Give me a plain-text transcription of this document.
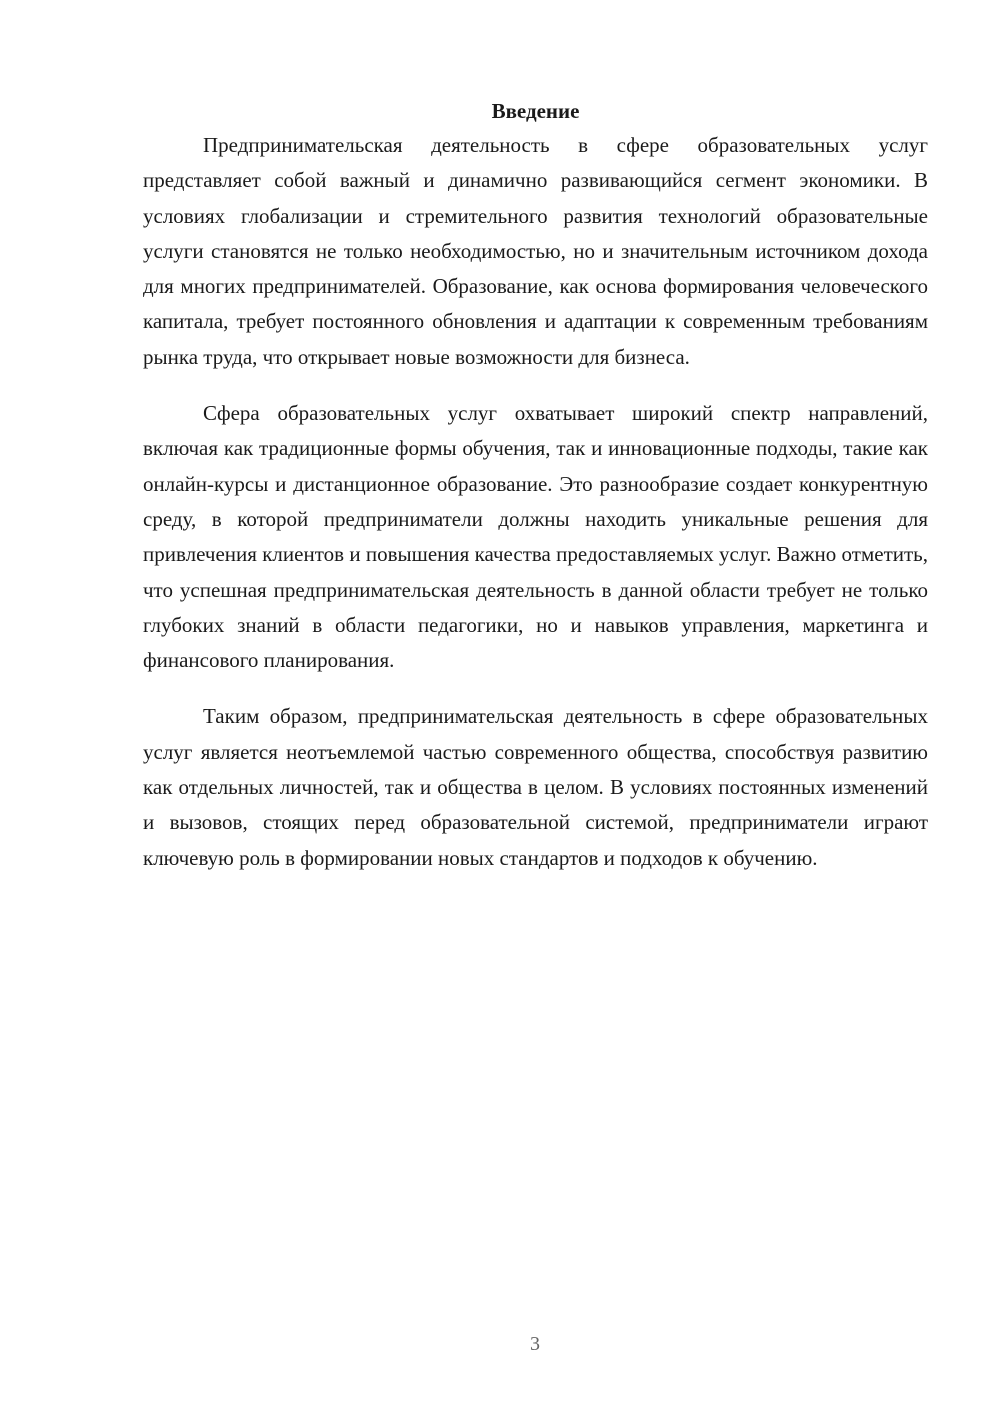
Введение

Предпринимательская деятельность в сфере образовательных услуг представляет собой важный и динамично развивающийся сегмент экономики. В условиях глобализации и стремительного развития технологий образовательные услуги становятся не только необходимостью, но и значительным источником дохода для многих предпринимателей. Образование, как основа формирования человеческого капитала, требует постоянного обновления и адаптации к современным требованиям рынка труда, что открывает новые возможности для бизнеса.

Сфера образовательных услуг охватывает широкий спектр направлений, включая как традиционные формы обучения, так и инновационные подходы, такие как онлайн-курсы и дистанционное образование. Это разнообразие создает конкурентную среду, в которой предприниматели должны находить уникальные решения для привлечения клиентов и повышения качества предоставляемых услуг. Важно отметить, что успешная предпринимательская деятельность в данной области требует не только глубоких знаний в области педагогики, но и навыков управления, маркетинга и финансового планирования.

Таким образом, предпринимательская деятельность в сфере образовательных услуг является неотъемлемой частью современного общества, способствуя развитию как отдельных личностей, так и общества в целом. В условиях постоянных изменений и вызовов, стоящих перед образовательной системой, предприниматели играют ключевую роль в формировании новых стандартов и подходов к обучению.

3
